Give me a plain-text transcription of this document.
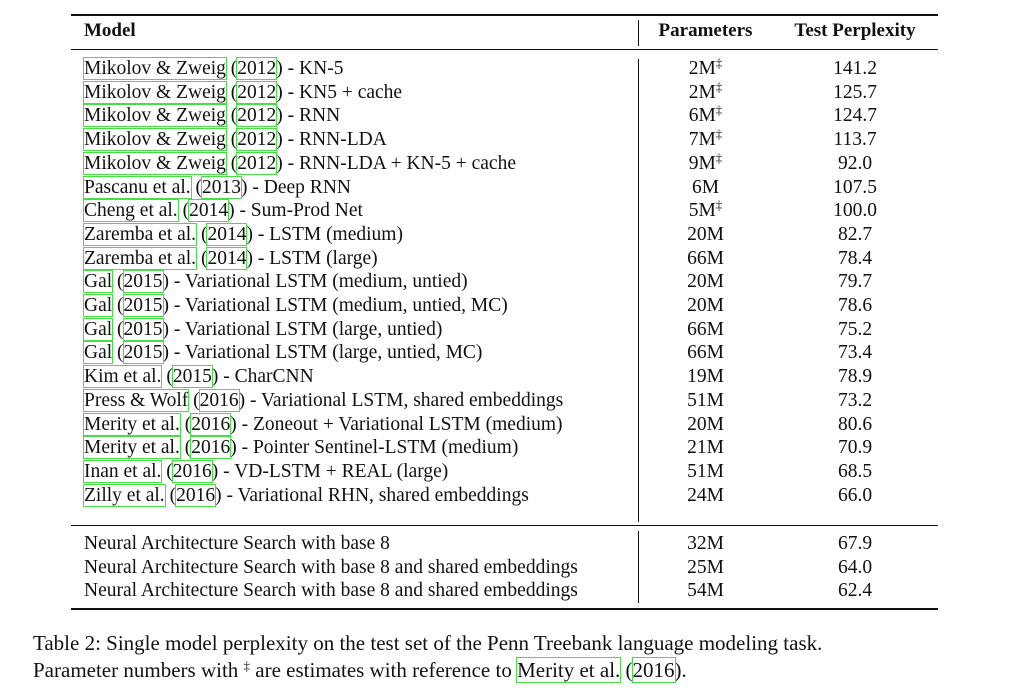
Model	Parameters	Test Perplexity
Mikolov & Zweig (2012) - KN-5	2M‡	141.2
Mikolov & Zweig (2012) - KN5 + cache	2M‡	125.7
Mikolov & Zweig (2012) - RNN	6M‡	124.7
Mikolov & Zweig (2012) - RNN-LDA	7M‡	113.7
Mikolov & Zweig (2012) - RNN-LDA + KN-5 + cache	9M‡	92.0
Pascanu et al. (2013) - Deep RNN	6M	107.5
Cheng et al. (2014) - Sum-Prod Net	5M‡	100.0
Zaremba et al. (2014) - LSTM (medium)	20M	82.7
Zaremba et al. (2014) - LSTM (large)	66M	78.4
Gal (2015) - Variational LSTM (medium, untied)	20M	79.7
Gal (2015) - Variational LSTM (medium, untied, MC)	20M	78.6
Gal (2015) - Variational LSTM (large, untied)	66M	75.2
Gal (2015) - Variational LSTM (large, untied, MC)	66M	73.4
Kim et al. (2015) - CharCNN	19M	78.9
Press & Wolf (2016) - Variational LSTM, shared embeddings	51M	73.2
Merity et al. (2016) - Zoneout + Variational LSTM (medium)	20M	80.6
Merity et al. (2016) - Pointer Sentinel-LSTM (medium)	21M	70.9
Inan et al. (2016) - VD-LSTM + REAL (large)	51M	68.5
Zilly et al. (2016) - Variational RHN, shared embeddings	24M	66.0
Neural Architecture Search with base 8	32M	67.9
Neural Architecture Search with base 8 and shared embeddings	25M	64.0
Neural Architecture Search with base 8 and shared embeddings	54M	62.4
Table 2: Single model perplexity on the test set of the Penn Treebank language modeling task.
Parameter numbers with ‡ are estimates with reference to Merity et al. (2016).
